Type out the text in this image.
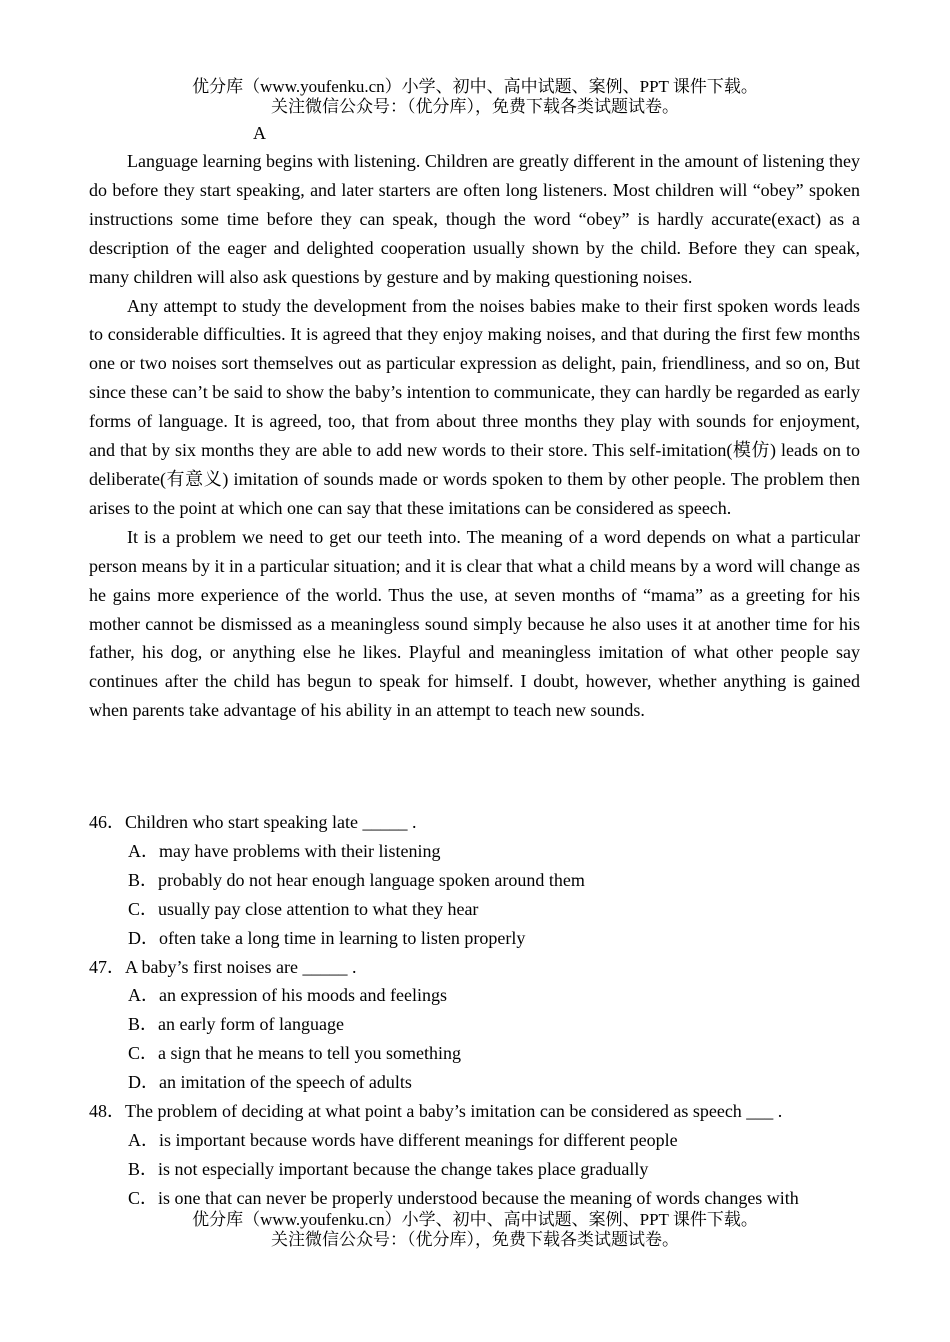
优分库（www.youfenku.cn）小学、初中、高中试题、案例、PPT 课件下载。
关注微信公众号：（优分库），免费下载各类试题试卷。
A

Language learning begins with listening. Children are greatly different in the amount of listening they do before they start speaking, and later starters are often long listeners. Most children will “obey” spoken instructions some time before they can speak, though the word “obey” is hardly accurate(exact) as a description of the eager and delighted cooperation usually shown by the child. Before they can speak, many children will also ask questions by gesture and by making questioning noises.

Any attempt to study the development from the noises babies make to their first spoken words leads to considerable difficulties. It is agreed that they enjoy making noises, and that during the first few months one or two noises sort themselves out as particular expression as delight, pain, friendliness, and so on, But since these can’t be said to show the baby’s intention to communicate, they can hardly be regarded as early forms of language. It is agreed, too, that from about three months they play with sounds for enjoyment, and that by six months they are able to add new words to their store. This self-imitation(模仿) leads on to deliberate(有意义) imitation of sounds made or words spoken to them by other people. The problem then arises to the point at which one can say that these imitations can be considered as speech.

It is a problem we need to get our teeth into. The meaning of a word depends on what a particular person means by it in a particular situation; and it is clear that what a child means by a word will change as he gains more experience of the world. Thus the use, at seven months of “mama” as a greeting for his mother cannot be dismissed as a meaningless sound simply because he also uses it at another time for his father, his dog, or anything else he likes. Playful and meaningless imitation of what other people say continues after the child has begun to speak for himself. I doubt, however, whether anything is gained when parents take advantage of his ability in an attempt to teach new sounds.

46．Children who start speaking late _____ .

A．may have problems with their listening

B．probably do not hear enough language spoken around them

C．usually pay close attention to what they hear

D．often take a long time in learning to listen properly

47．A baby’s first noises are _____ .

A．an expression of his moods and feelings

B．an early form of language

C．a sign that he means to tell you something

D．an imitation of the speech of adults

48．The problem of deciding at what point a baby’s imitation can be considered as speech ___ .

A．is important because words have different meanings for different people

B．is not especially important because the change takes place gradually

C．is one that can never be properly understood because the meaning of words changes with

优分库（www.youfenku.cn）小学、初中、高中试题、案例、PPT 课件下载。
关注微信公众号：（优分库），免费下载各类试题试卷。
